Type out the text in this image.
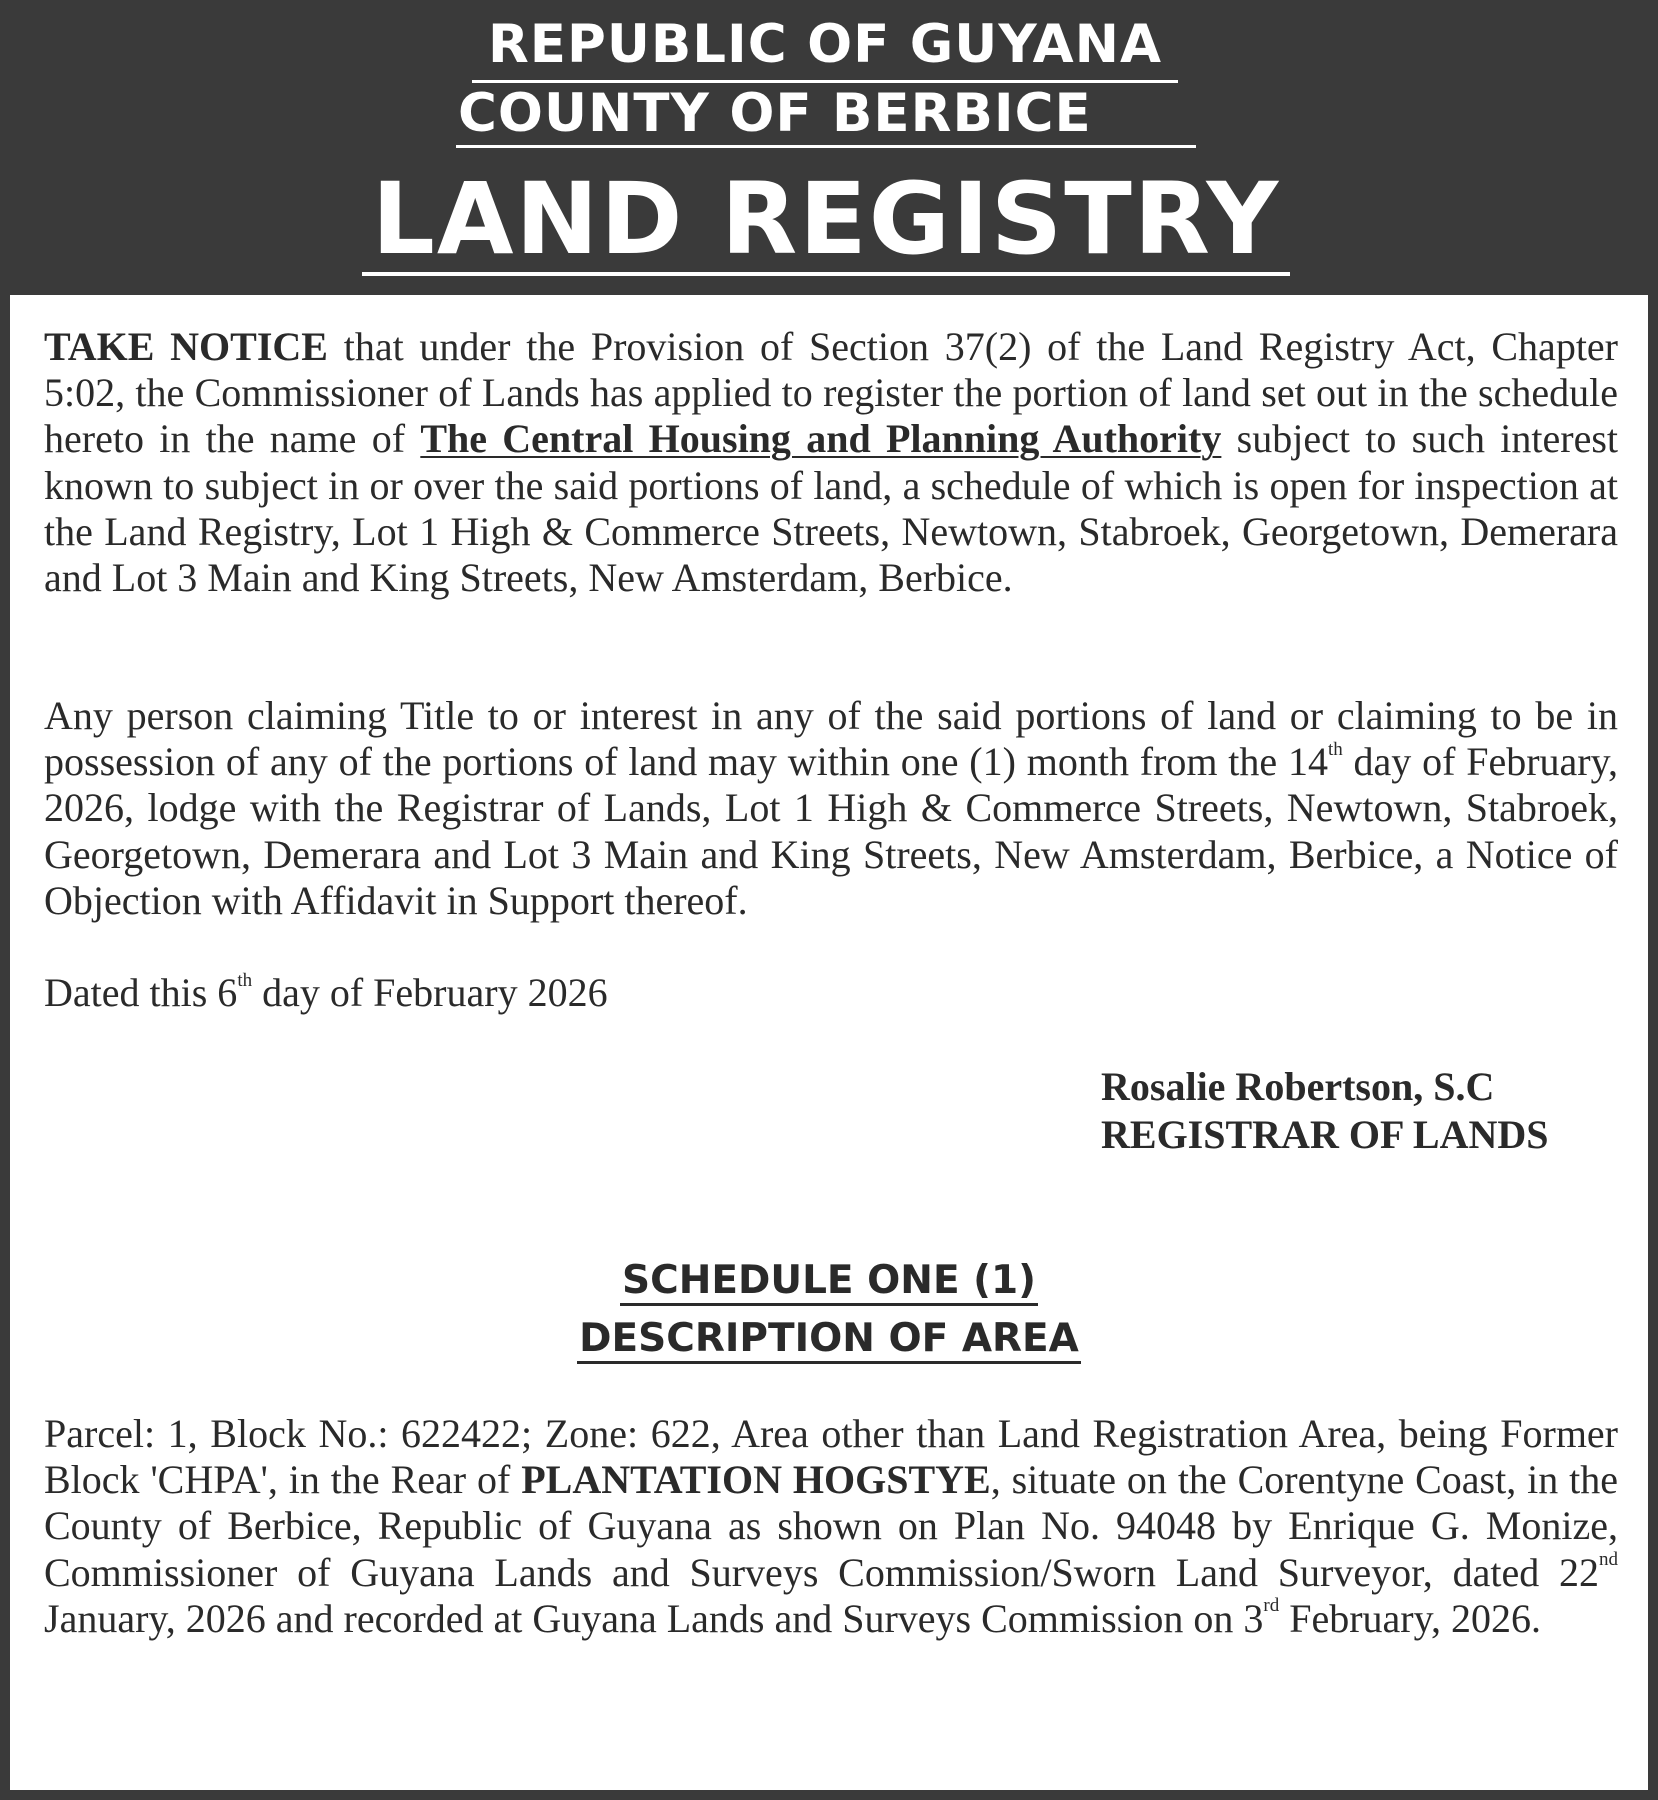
REPUBLIC OF GUYANA
COUNTY OF BERBICE
LAND REGISTRY

TAKE NOTICE that under the Provision of Section 37(2) of the Land Registry Act, Chapter 5:02, the Commissioner of Lands has applied to register the portion of land set out in the schedule hereto in the name of The Central Housing and Planning Authority subject to such interest known to subject in or over the said portions of land, a schedule of which is open for inspection at the Land Registry, Lot 1 High & Commerce Streets, Newtown, Stabroek, Georgetown, Demerara and Lot 3 Main and King Streets, New Amsterdam, Berbice.

Any person claiming Title to or interest in any of the said portions of land or claiming to be in possession of any of the portions of land may within one (1) month from the 14th day of February, 2026, lodge with the Registrar of Lands, Lot 1 High & Commerce Streets, Newtown, Stabroek, Georgetown, Demerara and Lot 3 Main and King Streets, New Amsterdam, Berbice, a Notice of Objection with Affidavit in Support thereof.

Dated this 6th day of February 2026

Rosalie Robertson, S.C
REGISTRAR OF LANDS
SCHEDULE ONE (1)
DESCRIPTION OF AREA

Parcel: 1, Block No.: 622422; Zone: 622, Area other than Land Registration Area, being Former Block 'CHPA', in the Rear of PLANTATION HOGSTYE, situate on the Corentyne Coast, in the County of Berbice, Republic of Guyana as shown on Plan No. 94048 by Enrique G. Monize, Commissioner of Guyana Lands and Surveys Commission/Sworn Land Surveyor, dated 22nd January, 2026 and recorded at Guyana Lands and Surveys Commission on 3rd February, 2026.
